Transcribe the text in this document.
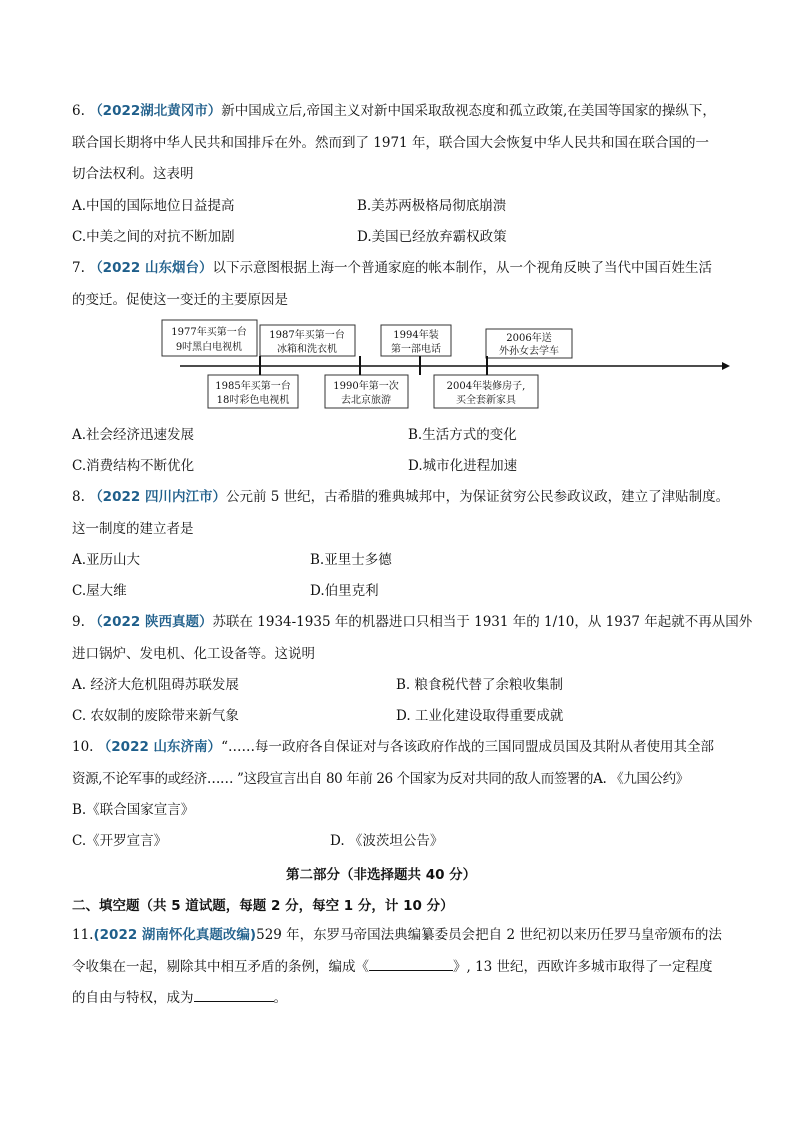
6. （2022湖北黄冈市）新中国成立后,帝国主义对新中国采取敌视态度和孤立政策,在美国等国家的操纵下，
联合国长期将中华人民共和国排斥在外。然而到了 1971 年，联合国大会恢复中华人民共和国在联合国的一
切合法权利。这表明
A.中国的国际地位日益提高	B.美苏两极格局彻底崩溃
C.中美之间的对抗不断加剧	D.美国已经放弃霸权政策
7. （2022 山东烟台）以下示意图根据上海一个普通家庭的帐本制作，从一个视角反映了当代中国百姓生活
的变迁。促使这一变迁的主要原因是
1977年买第一台
9吋黑白电视机
1987年买第一台
冰箱和洗衣机
1994年装
第一部电话
2006年送
外孙女去学车
1985年买第一台
18吋彩色电视机
1990年第一次
去北京旅游
2004年装修房子,
买全套新家具
A.社会经济迅速发展	B.生活方式的变化
C.消费结构不断优化	D.城市化进程加速
8. （2022 四川内江市）公元前 5 世纪，古希腊的雅典城邦中，为保证贫穷公民参政议政，建立了津贴制度。
这一制度的建立者是
A.亚历山大	B.亚里士多德
C.屋大维	D.伯里克利
9. （2022 陕西真题）苏联在 1934-1935 年的机器进口只相当于 1931 年的 1/10，从 1937 年起就不再从国外
进口锅炉、发电机、化工设备等。这说明
A. 经济大危机阻碍苏联发展	B. 粮食税代替了余粮收集制
C. 农奴制的废除带来新气象	D. 工业化建设取得重要成就
10. （2022 山东济南）“……每一政府各自保证对与各该政府作战的三国同盟成员国及其附从者使用其全部
资源,不论军事的或经济…… ”这段宣言出自 80 年前 26 个国家为反对共同的敌人而签署的A. 《九国公约》
B.《联合国家宣言》
C.《开罗宣言》	D. 《波茨坦公告》
第二部分（非选择题共 40 分）
二、填空题（共 5 道试题，每题 2 分，每空 1 分，计 10 分）
11.(2022 湖南怀化真题改编)529 年，东罗马帝国法典编纂委员会把自 2 世纪初以来历任罗马皇帝颁布的法
令收集在一起，剔除其中相互矛盾的条例，编成《	》, 13 世纪，西欧许多城市取得了一定程度
的自由与特权，成为	。
